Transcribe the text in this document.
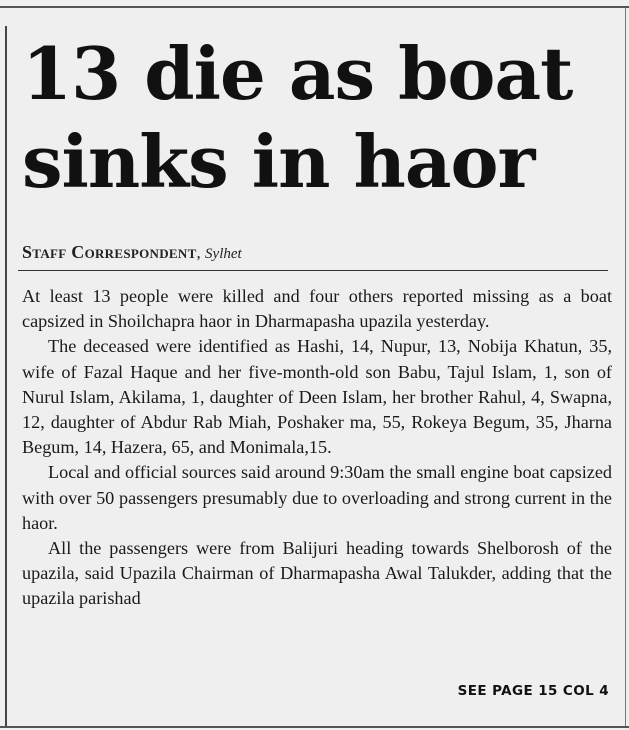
13 die as boat
sinks in haor
Staff Correspondent, Sylhet

At least 13 people were killed and four others reported missing as a boat capsized in Shoilchapra haor in Dharmapasha upazila yesterday.

The deceased were identified as Hashi, 14, Nupur, 13, Nobija Khatun, 35, wife of Fazal Haque and her five-month-old son Babu, Tajul Islam, 1, son of Nurul Islam, Akilama, 1, daughter of Deen Islam, her brother Rahul, 4, Swapna, 12, daughter of Abdur Rab Miah, Poshaker ma, 55, Rokeya Begum, 35, Jharna Begum, 14, Hazera, 65, and Monimala,15.

Local and official sources said around 9:30am the small engine boat capsized with over 50 passengers presumably due to overloading and strong current in the haor.

All the passengers were from Balijuri heading towards Shelborosh of the upazila, said Upazila Chairman of Dharmapasha Awal Talukder, adding that the upazila parishad

SEE PAGE 15 COL 4
